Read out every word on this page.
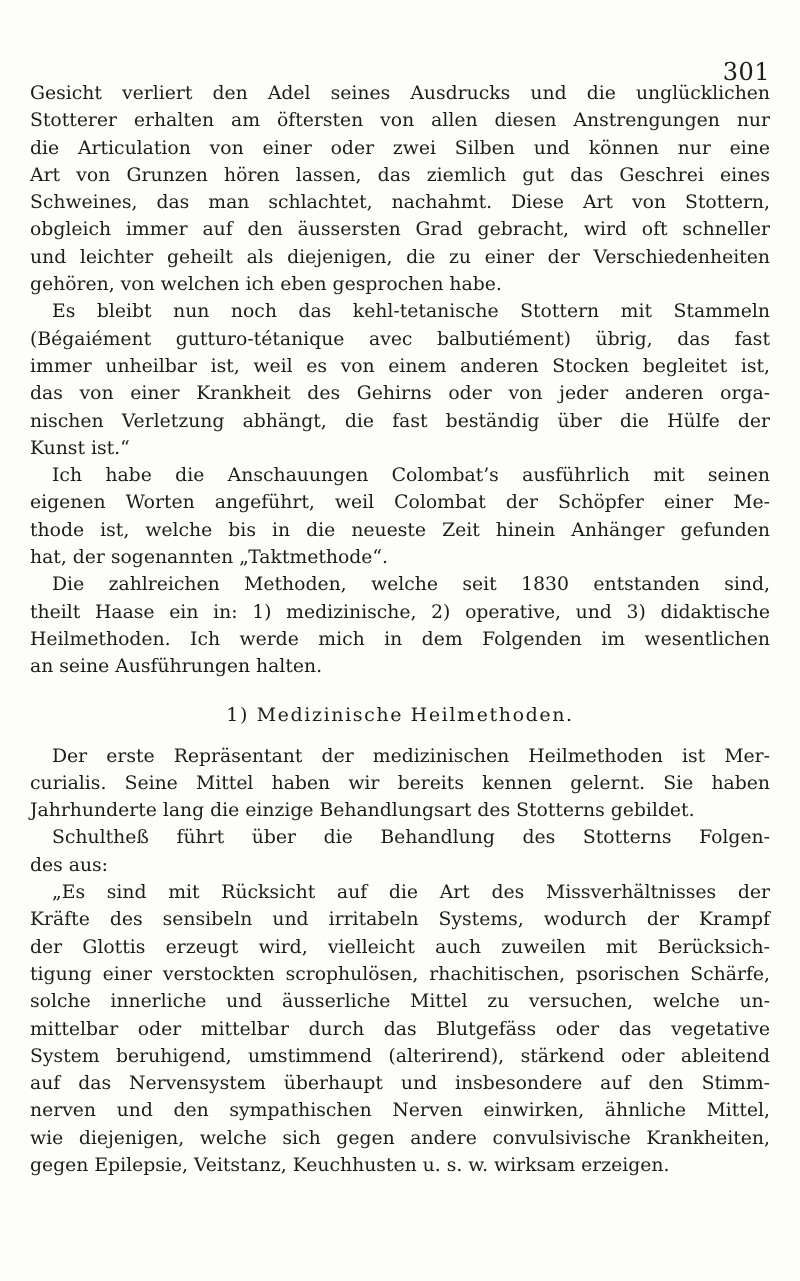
301
Gesicht verliert den Adel seines Ausdrucks und die unglücklichen
Stotterer erhalten am öftersten von allen diesen Anstrengungen nur
die Articulation von einer oder zwei Silben und können nur eine
Art von Grunzen hören lassen, das ziemlich gut das Geschrei eines
Schweines, das man schlachtet, nachahmt. Diese Art von Stottern,
obgleich immer auf den äussersten Grad gebracht, wird oft schneller
und leichter geheilt als diejenigen, die zu einer der Verschiedenheiten
gehören, von welchen ich eben gesprochen habe.
Es bleibt nun noch das kehl-tetanische Stottern mit Stammeln
(Bégaiément gutturo-tétanique avec balbutiément) übrig, das fast
immer unheilbar ist, weil es von einem anderen Stocken begleitet ist,
das von einer Krankheit des Gehirns oder von jeder anderen orga-
nischen Verletzung abhängt, die fast beständig über die Hülfe der
Kunst ist.“
Ich habe die Anschauungen Colombat’s ausführlich mit seinen
eigenen Worten angeführt, weil Colombat der Schöpfer einer Me-
thode ist, welche bis in die neueste Zeit hinein Anhänger gefunden
hat, der sogenannten „Taktmethode“.
Die zahlreichen Methoden, welche seit 1830 entstanden sind,
theilt Haase ein in: 1) medizinische, 2) operative, und 3) didaktische
Heilmethoden. Ich werde mich in dem Folgenden im wesentlichen
an seine Ausführungen halten.
1) Medizinische Heilmethoden.
Der erste Repräsentant der medizinischen Heilmethoden ist Mer-
curialis. Seine Mittel haben wir bereits kennen gelernt. Sie haben
Jahrhunderte lang die einzige Behandlungsart des Stotterns gebildet.
Schultheß führt über die Behandlung des Stotterns Folgen-
des aus:
„Es sind mit Rücksicht auf die Art des Missverhältnisses der
Kräfte des sensibeln und irritabeln Systems, wodurch der Krampf
der Glottis erzeugt wird, vielleicht auch zuweilen mit Berücksich-
tigung einer verstockten scrophulösen, rhachitischen, psorischen Schärfe,
solche innerliche und äusserliche Mittel zu versuchen, welche un-
mittelbar oder mittelbar durch das Blutgefäss oder das vegetative
System beruhigend, umstimmend (alterirend), stärkend oder ableitend
auf das Nervensystem überhaupt und insbesondere auf den Stimm-
nerven und den sympathischen Nerven einwirken, ähnliche Mittel,
wie diejenigen, welche sich gegen andere convulsivische Krankheiten,
gegen Epilepsie, Veitstanz, Keuchhusten u. s. w. wirksam erzeigen.
